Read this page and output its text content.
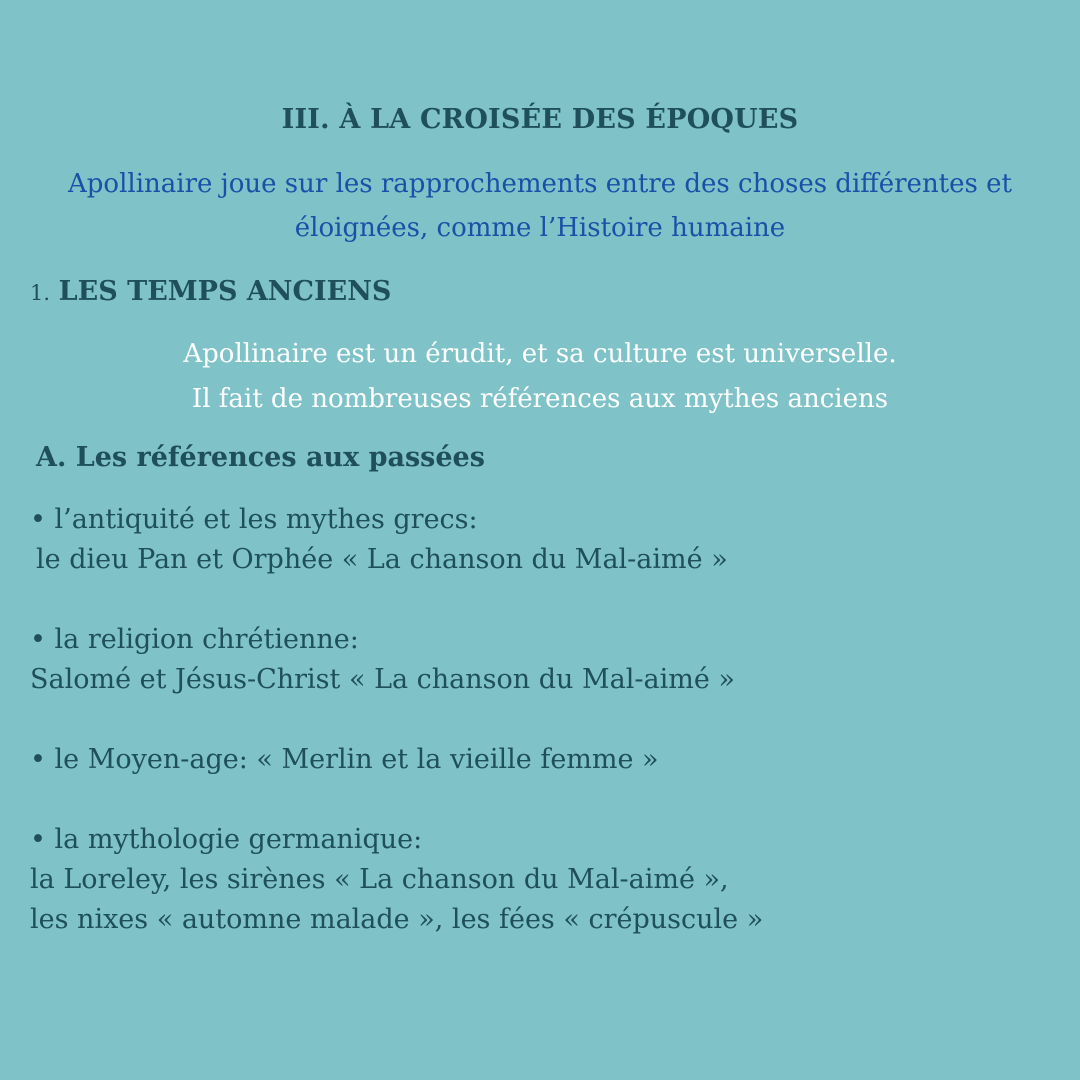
III. À LA CROISÉE DES ÉPOQUES
Apollinaire joue sur les rapprochements entre des choses différentes et
éloignées, comme l’Histoire humaine
1. LES TEMPS ANCIENS
Apollinaire est un érudit, et sa culture est universelle.
Il fait de nombreuses références aux mythes anciens
A. Les références aux passées
• l’antiquité et les mythes grecs:
le dieu Pan et Orphée « La chanson du Mal-aimé »
• la religion chrétienne:
Salomé et Jésus-Christ « La chanson du Mal-aimé »
• le Moyen-age: « Merlin et la vieille femme »
• la mythologie germanique:
la Loreley, les sirènes « La chanson du Mal-aimé »,
les nixes « automne malade », les fées « crépuscule »
